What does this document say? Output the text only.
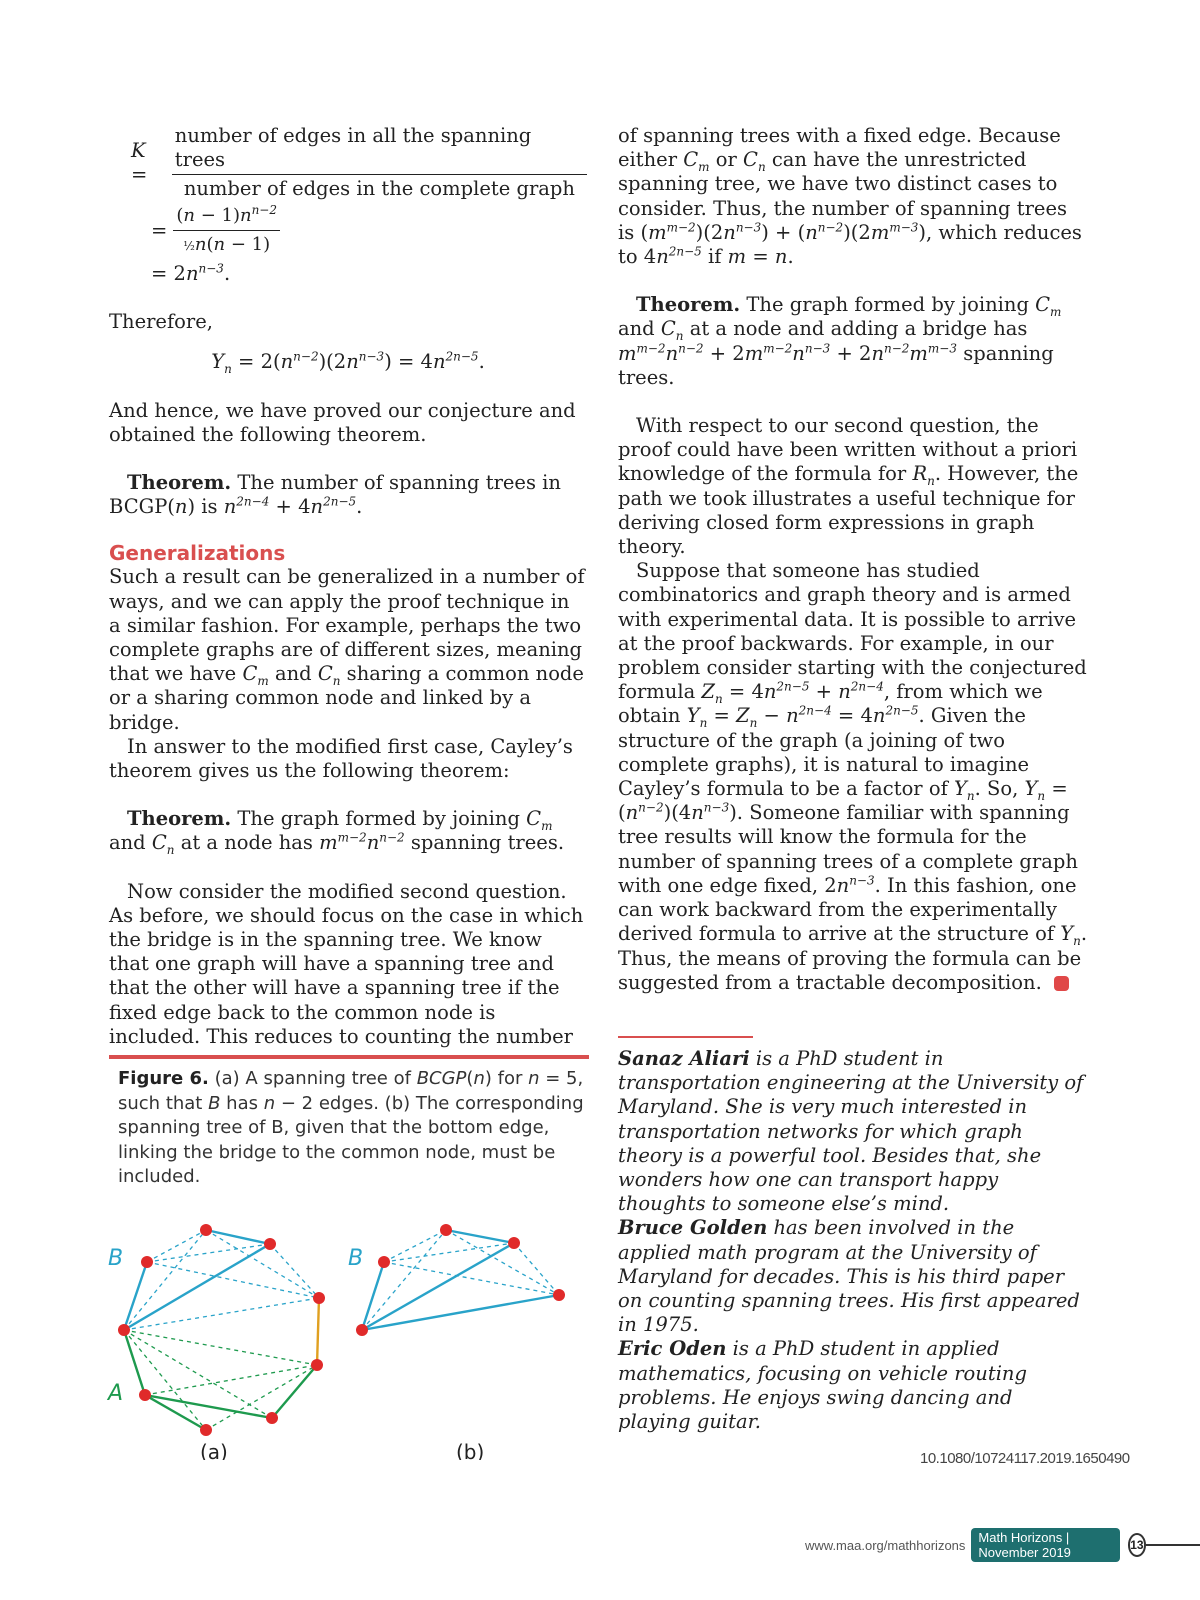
K =	$\frac{\text{number of edges in all the spanning trees}}{\text{number of edges in the complete graph}}$
= $\frac{(n - 1)n^{n-2}}{\text{½n(n − 1)}}$
= $2n^{n-3}$.

Therefore,

$Y_n = 2(n^{n-2})(2n^{n-3}) = 4n^{2n-5}$.

And hence, we have proved our conjecture and obtained the following theorem.

Theorem. The number of spanning trees in BCGP(n) is $n^{2n-4} + 4n^{2n-5}$.

Generalizations

Such a result can be generalized in a number of ways, and we can apply the proof technique in a similar fashion. For example, perhaps the two complete graphs are of different sizes, meaning that we have $C_m$ and $C_n$ sharing a common node or a sharing common node and linked by a bridge.

In answer to the modified first case, Cayley’s theorem gives us the following theorem:

Theorem. The graph formed by joining $C_m$ and $C_n$ at a node has $m^{m-2}n^{n-2}$ spanning trees.

Now consider the modified second question. As before, we should focus on the case in which the bridge is in the spanning tree. We know that one graph will have a spanning tree and that the other will have a spanning tree if the fixed edge back to the common node is included. This reduces to counting the number

of spanning trees with a fixed edge. Because either $C_m$ or $C_n$ can have the unrestricted spanning tree, we have two distinct cases to consider. Thus, the number of spanning trees is $(m^{m-2})(2n^{n-3}) + (n^{n-2})(2m^{m-3})$, which reduces to $4n^{2n-5}$ if m = n.

Theorem. The graph formed by joining $C_m$ and $C_n$ at a node and adding a bridge has $m^{m-2}n^{n-2} + 2m^{m-2}n^{n-3} + 2n^{n-2}m^{m-3}$ spanning trees.

With respect to our second question, the proof could have been written without a priori knowledge of the formula for $R_n$. However, the path we took illustrates a useful technique for deriving closed form expressions in graph theory.

Suppose that someone has studied combinatorics and graph theory and is armed with experimental data. It is possible to arrive at the proof backwards. For example, in our problem consider starting with the conjectured formula $Z_n = 4n^{2n-5} + n^{2n-4}$, from which we obtain $Y_n = Z_n - n^{2n-4} = 4n^{2n-5}$. Given the structure of the graph (a joining of two complete graphs), it is natural to imagine Cayley’s formula to be a factor of $Y_n$. So, $Y_n = (n^{n-2})(4n^{n-3})$. Someone familiar with spanning tree results will know the formula for the number of spanning trees of a complete graph with one edge fixed, $2n^{n-3}$. In this fashion, one can work backward from the experimentally derived formula to arrive at the structure of $Y_n$. Thus, the means of proving the formula can be suggested from a tractable decomposition.

Sanaz Aliari is a PhD student in transportation engineering at the University of Maryland. She is very much interested in transportation networks for which graph theory is a powerful tool. Besides that, she wonders how one can transport happy thoughts to someone else’s mind.

Bruce Golden has been involved in the applied math program at the University of Maryland for decades. This is his third paper on counting spanning trees. His first appeared in 1975.

Eric Oden is a PhD student in applied mathematics, focusing on vehicle routing problems. He enjoys swing dancing and playing guitar.

Figure 6. (a) A spanning tree of BCGP(n) for n = 5, such that B has n − 2 edges. (b) The corresponding spanning tree of B, given that the bottom edge, linking the bridge to the common node, must be included.
B	B
A
(a)	(b)	10.1080/10724117.2019.1650490
www.maa.org/mathhorizons	Math Horizons | November 2019	13
